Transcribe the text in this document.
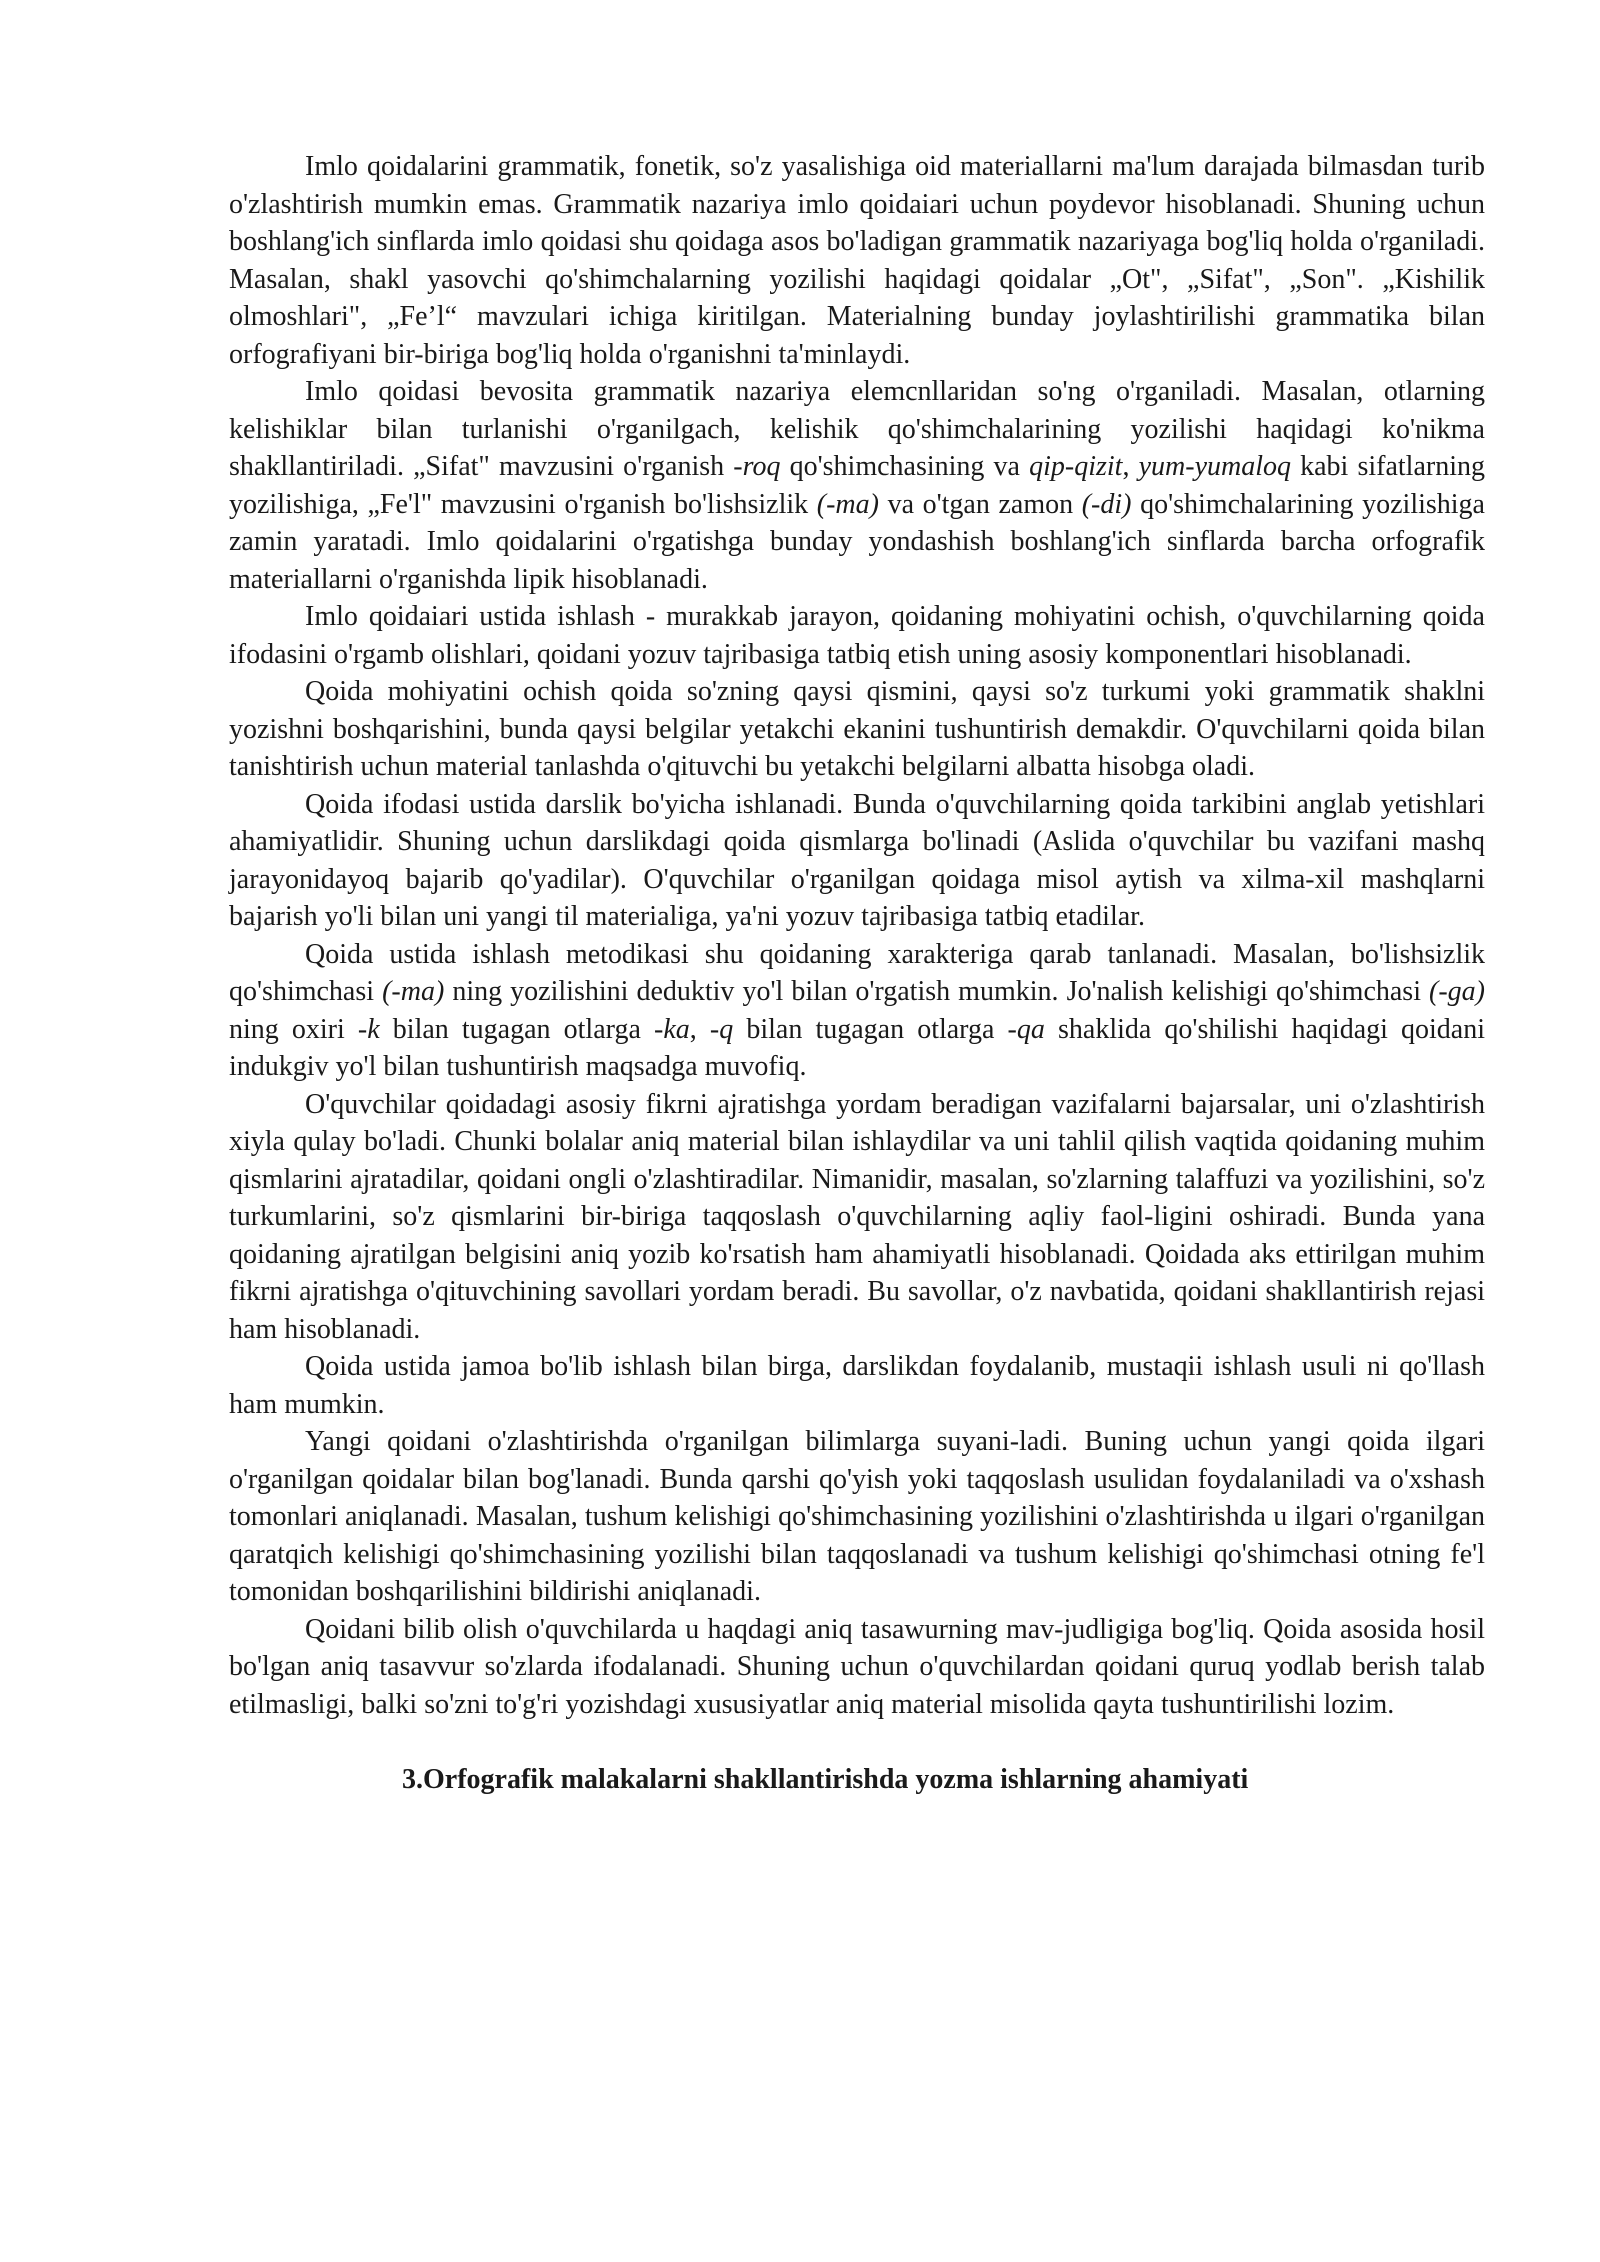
Imlo qoidalarini grammatik, fonetik, so'z yasalishiga oid materiallarni ma'lum darajada bilmasdan turib o'zlashtirish mumkin emas. Grammatik nazariya imlo qoidaiari uchun poydevor hisoblanadi. Shuning uchun boshlang'ich sinflarda imlo qoidasi shu qoidaga asos bo'ladigan grammatik nazariyaga bog'liq holda o'rganiladi. Masalan, shakl yasovchi qo'shimchalarning yozilishi haqidagi qoidalar „Ot", „Sifat", „Son". „Kishilik olmoshlari", „Fe’l“ mavzulari ichiga kiritilgan. Materialning bunday joylashtirilishi grammatika bilan orfografiyani bir-biriga bog'liq holda o'rganishni ta'minlaydi.

Imlo qoidasi bevosita grammatik nazariya elemcnllaridan so'ng o'rganiladi. Masalan, otlarning kelishiklar bilan turlanishi o'rganilgach, kelishik qo'shimchalarining yozilishi haqidagi ko'nikma shakllantiriladi. „Sifat" mavzusini o'rganish -roq qo'shimchasining va qip-qizit, yum-yumaloq kabi sifatlarning yozilishiga, „Fe'l" mavzusini o'rganish bo'lishsizlik (-ma) va o'tgan zamon (-di) qo'shimchalarining yozilishiga zamin yaratadi. Imlo qoidalarini o'rgatishga bunday yondashish boshlang'ich sinflarda barcha orfografik materiallarni o'rganishda lipik hisoblanadi.

Imlo qoidaiari ustida ishlash - murakkab jarayon, qoidaning mohiyatini ochish, o'quvchilarning qoida ifodasini o'rgamb olishlari, qoidani yozuv tajribasiga tatbiq etish uning asosiy komponentlari hisoblanadi.

Qoida mohiyatini ochish qoida so'zning qaysi qismini, qaysi so'z turkumi yoki grammatik shaklni yozishni boshqarishini, bunda qaysi belgilar yetakchi ekanini tushuntirish demakdir. O'quvchilarni qoida bilan tanishtirish uchun material tanlashda o'qituvchi bu yetakchi belgilarni albatta hisobga oladi.

Qoida ifodasi ustida darslik bo'yicha ishlanadi. Bunda o'quvchilarning qoida tarkibini anglab yetishlari ahamiyatlidir. Shuning uchun darslikdagi qoida qismlarga bo'linadi (Aslida o'quvchilar bu vazifani mashq jarayonidayoq bajarib qo'yadilar). O'quvchilar o'rganilgan qoidaga misol aytish va xilma-xil mashqlarni bajarish yo'li bilan uni yangi til materialiga, ya'ni yozuv tajribasiga tatbiq etadilar.

Qoida ustida ishlash metodikasi shu qoidaning xarakteriga qarab tanlanadi. Masalan, bo'lishsizlik qo'shimchasi (-ma) ning yozilishini deduktiv yo'l bilan o'rgatish mumkin. Jo'nalish kelishigi qo'shimchasi (-ga) ning oxiri -k bilan tugagan otlarga -ka, -q bilan tugagan otlarga -qa shaklida qo'shilishi haqidagi qoidani indukgiv yo'l bilan tushuntirish maqsadga muvofiq.

O'quvchilar qoidadagi asosiy fikrni ajratishga yordam beradigan vazifalarni bajarsalar, uni o'zlashtirish xiyla qulay bo'ladi. Chunki bolalar aniq material bilan ishlaydilar va uni tahlil qilish vaqtida qoidaning muhim qismlarini ajratadilar, qoidani ongli o'zlashtiradilar. Nimanidir, masalan, so'zlarning talaffuzi va yozilishini, so'z turkumlarini, so'z qismlarini bir-biriga taqqoslash o'quvchilarning aqliy faol-ligini oshiradi. Bunda yana qoidaning ajratilgan belgisini aniq yozib ko'rsatish ham ahamiyatli hisoblanadi. Qoidada aks ettirilgan muhim fikrni ajratishga o'qituvchining savollari yordam beradi. Bu savollar, o'z navbatida, qoidani shakllantirish rejasi ham hisoblanadi.

Qoida ustida jamoa bo'lib ishlash bilan birga, darslikdan foydalanib, mustaqii ishlash usuli ni qo'llash ham mumkin.

Yangi qoidani o'zlashtirishda o'rganilgan bilimlarga suyani-ladi. Buning uchun yangi qoida ilgari o'rganilgan qoidalar bilan bog'lanadi. Bunda qarshi qo'yish yoki taqqoslash usulidan foydalaniladi va o'xshash tomonlari aniqlanadi. Masalan, tushum kelishigi qo'shimchasining yozilishini o'zlashtirishda u ilgari o'rganilgan qaratqich kelishigi qo'shimchasining yozilishi bilan taqqoslanadi va tushum kelishigi qo'shimchasi otning fe'l tomonidan boshqarilishini bildirishi aniqlanadi.

Qoidani bilib olish o'quvchilarda u haqdagi aniq tasawurning mav-judligiga bog'liq. Qoida asosida hosil bo'lgan aniq tasavvur so'zlarda ifodalanadi. Shuning uchun o'quvchilardan qoidani quruq yodlab berish talab etilmasligi, balki so'zni to'g'ri yozishdagi xususiyatlar aniq material misolida qayta tushuntirilishi lozim.

3.Orfografik malakalarni shakllantirishda yozma ishlarning ahamiyati
